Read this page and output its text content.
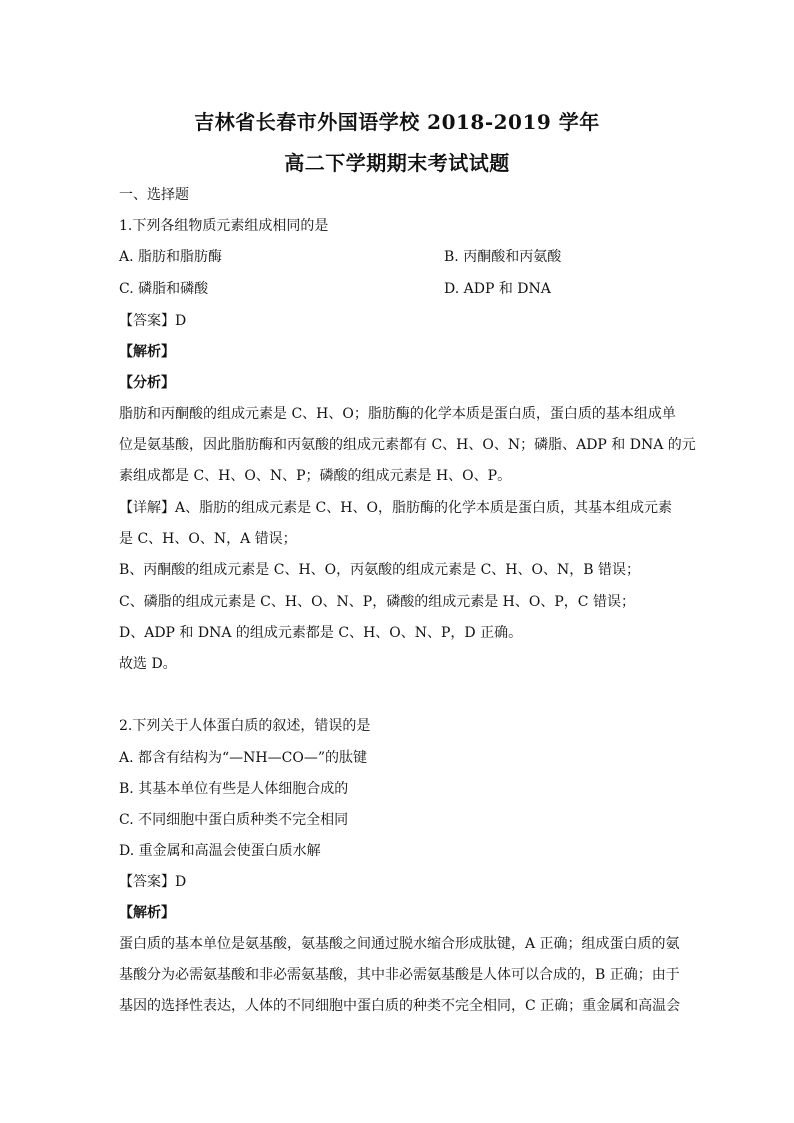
吉林省长春市外国语学校 2018-2019 学年
高二下学期期末考试试题
一、选择题
1.下列各组物质元素组成相同的是
A. 脂肪和脂肪酶	B. 丙酮酸和丙氨酸
C. 磷脂和磷酸	D. ADP 和 DNA
【答案】D
【解析】
【分析】
脂肪和丙酮酸的组成元素是 C、H、O；脂肪酶的化学本质是蛋白质，蛋白质的基本组成单
位是氨基酸，因此脂肪酶和丙氨酸的组成元素都有 C、H、O、N；磷脂、ADP 和 DNA 的元
素组成都是 C、H、O、N、P；磷酸的组成元素是 H、O、P。
【详解】A、脂肪的组成元素是 C、H、O，脂肪酶的化学本质是蛋白质，其基本组成元素
是 C、H、O、N，A 错误；
B、丙酮酸的组成元素是 C、H、O，丙氨酸的组成元素是 C、H、O、N，B 错误；
C、磷脂的组成元素是 C、H、O、N、P，磷酸的组成元素是 H、O、P，C 错误；
D、ADP 和 DNA 的组成元素都是 C、H、O、N、P，D 正确。
故选 D。
2.下列关于人体蛋白质的叙述，错误的是
A. 都含有结构为“—NH—CO—”的肽键
B. 其基本单位有些是人体细胞合成的
C. 不同细胞中蛋白质种类不完全相同
D. 重金属和高温会使蛋白质水解
【答案】D
【解析】
蛋白质的基本单位是氨基酸，氨基酸之间通过脱水缩合形成肽键，A 正确；组成蛋白质的氨
基酸分为必需氨基酸和非必需氨基酸，其中非必需氨基酸是人体可以合成的，B 正确；由于
基因的选择性表达，人体的不同细胞中蛋白质的种类不完全相同，C 正确；重金属和高温会
